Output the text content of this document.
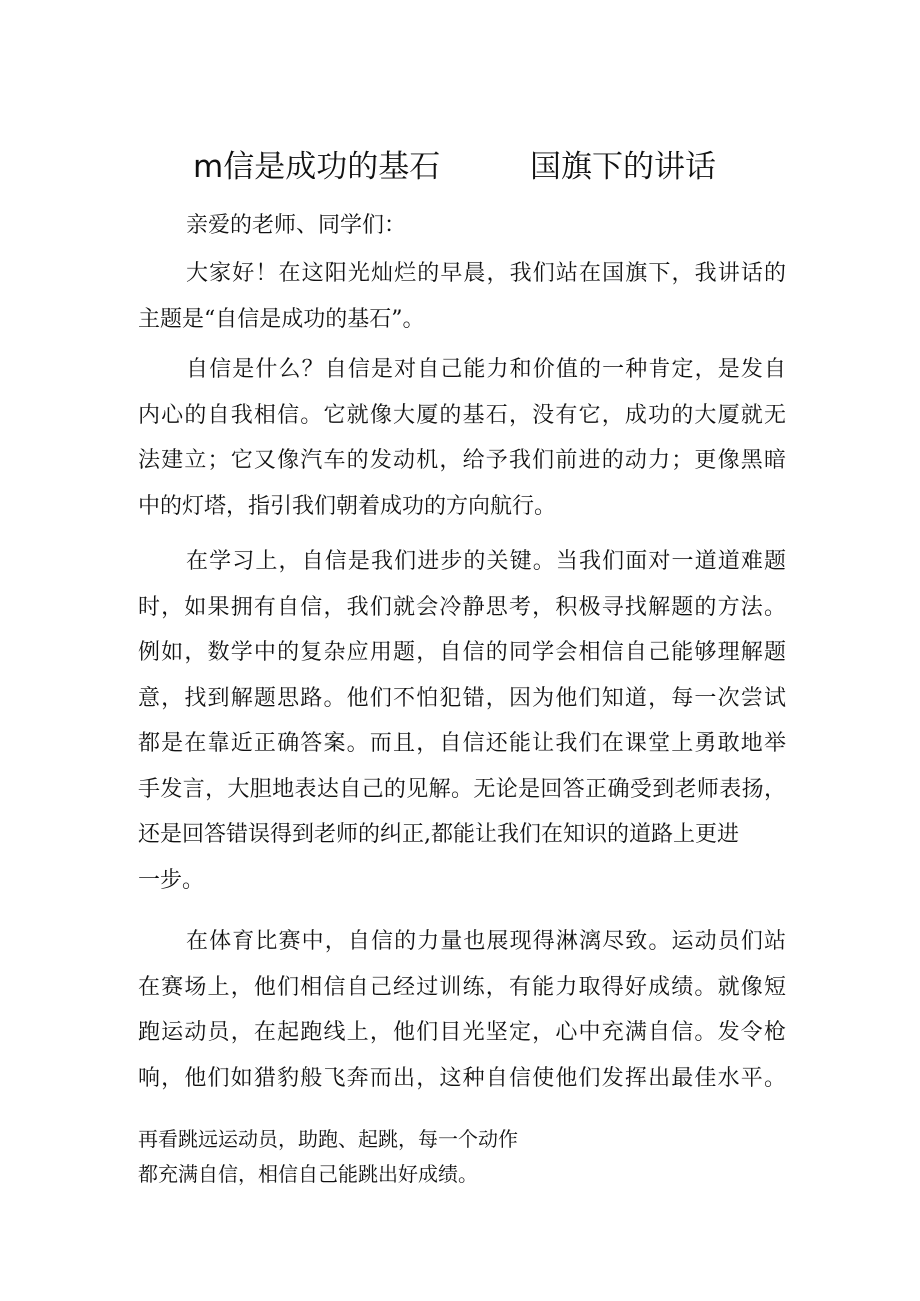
m信是成功的基石	国旗下的讲话
亲爱的老师、同学们：
大家好！在这阳光灿烂的早晨，我们站在国旗下，我讲话的
主题是“自信是成功的基石”。
自信是什么？自信是对自己能力和价值的一种肯定，是发自
内心的自我相信。它就像大厦的基石，没有它，成功的大厦就无
法建立；它又像汽车的发动机，给予我们前进的动力；更像黑暗
中的灯塔，指引我们朝着成功的方向航行。
在学习上，自信是我们进步的关键。当我们面对一道道难题
时，如果拥有自信，我们就会冷静思考，积极寻找解题的方法。
例如，数学中的复杂应用题，自信的同学会相信自己能够理解题
意，找到解题思路。他们不怕犯错，因为他们知道，每一次尝试
都是在靠近正确答案。而且，自信还能让我们在课堂上勇敢地举
手发言，大胆地表达自己的见解。无论是回答正确受到老师表扬，
还是回答错误得到老师的纠正,都能让我们在知识的道路上更进
一步。
在体育比赛中，自信的力量也展现得淋漓尽致。运动员们站
在赛场上，他们相信自己经过训练，有能力取得好成绩。就像短
跑运动员，在起跑线上，他们目光坚定，心中充满自信。发令枪
响，他们如猎豹般飞奔而出，这种自信使他们发挥出最佳水平。
再看跳远运动员，助跑、起跳，每一个动作
都充满自信，相信自己能跳出好成绩。
